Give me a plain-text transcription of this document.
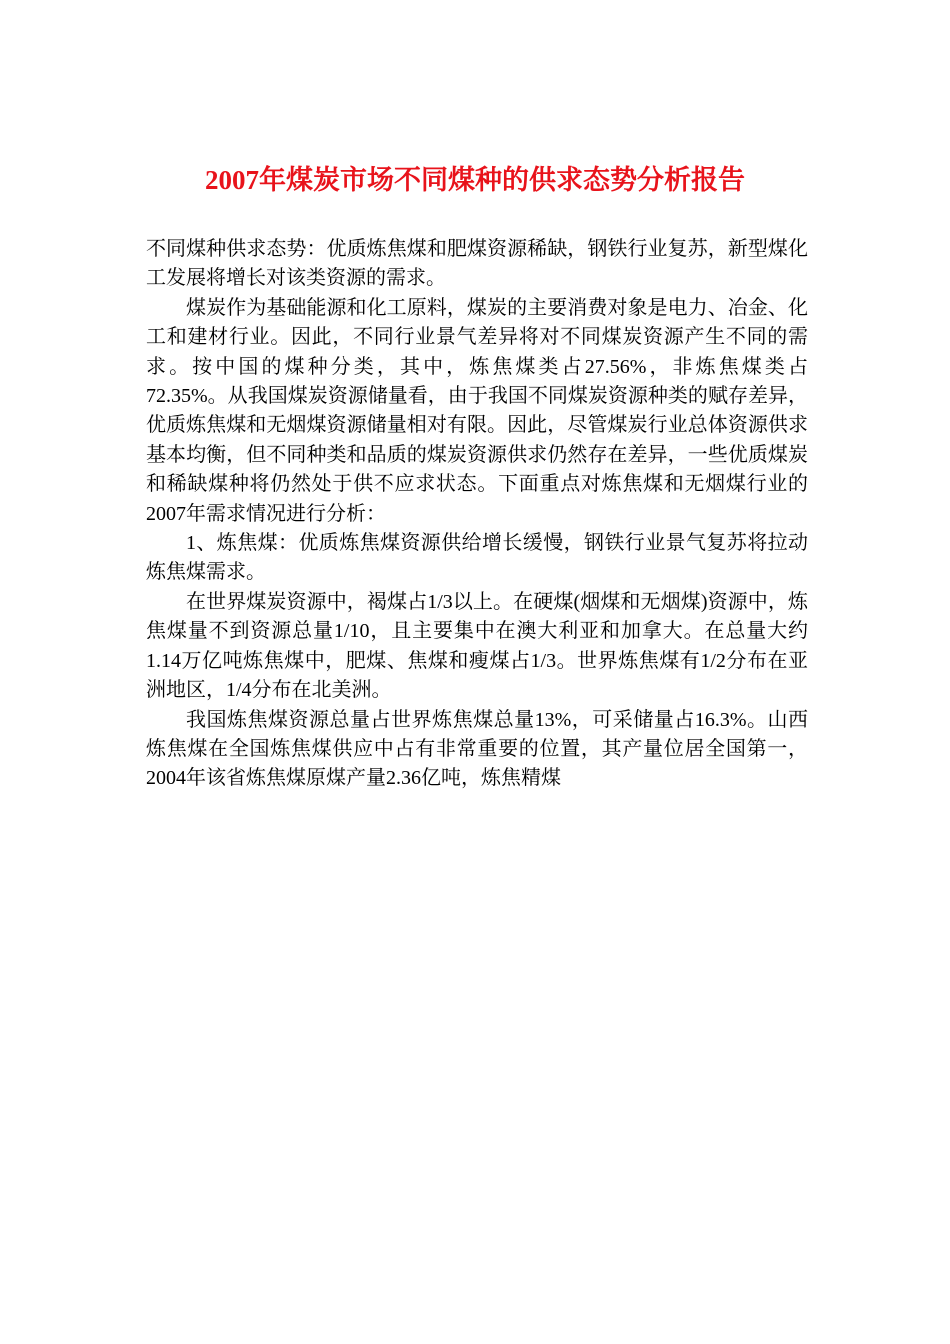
2007年煤炭市场不同煤种的供求态势分析报告

不同煤种供求态势：优质炼焦煤和肥煤资源稀缺，钢铁行业复苏，新型煤化工发展将增长对该类资源的需求。

煤炭作为基础能源和化工原料，煤炭的主要消费对象是电力、冶金、化工和建材行业。因此，不同行业景气差异将对不同煤炭资源产生不同的需求。按中国的煤种分类，其中，炼焦煤类占27.56%，非炼焦煤类占72.35%。从我国煤炭资源储量看，由于我国不同煤炭资源种类的赋存差异，优质炼焦煤和无烟煤资源储量相对有限。因此，尽管煤炭行业总体资源供求基本均衡，但不同种类和品质的煤炭资源供求仍然存在差异，一些优质煤炭和稀缺煤种将仍然处于供不应求状态。下面重点对炼焦煤和无烟煤行业的2007年需求情况进行分析：

1、炼焦煤：优质炼焦煤资源供给增长缓慢，钢铁行业景气复苏将拉动炼焦煤需求。

在世界煤炭资源中，褐煤占1/3以上。在硬煤(烟煤和无烟煤)资源中，炼焦煤量不到资源总量1/10，且主要集中在澳大利亚和加拿大。在总量大约1.14万亿吨炼焦煤中，肥煤、焦煤和瘦煤占1/3。世界炼焦煤有1/2分布在亚洲地区，1/4分布在北美洲。

我国炼焦煤资源总量占世界炼焦煤总量13%，可采储量占16.3%。山西炼焦煤在全国炼焦煤供应中占有非常重要的位置，其产量位居全国第一，2004年该省炼焦煤原煤产量2.36亿吨，炼焦精煤
